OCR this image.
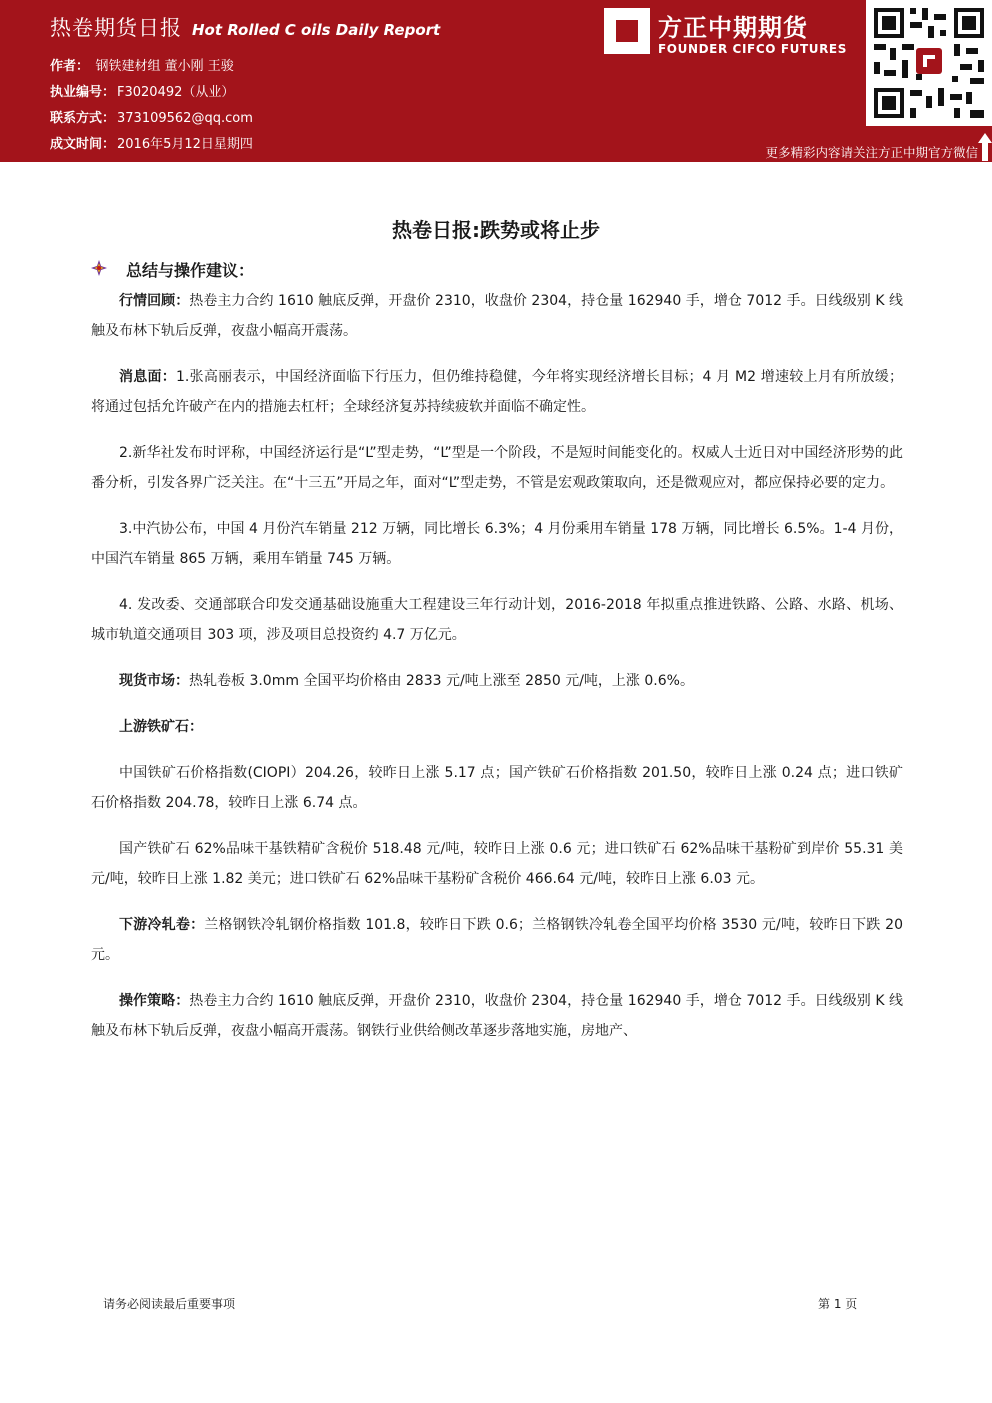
热卷期货日报 Hot Rolled C oils Daily Report
作者： 钢铁建材组 董小刚 王骏
执业编号： F3020492（从业）
联系方式： 373109562@qq.com
成文时间： 2016年5月12日星期四
方正中期期货
FOUNDER CIFCO FUTURES
更多精彩内容请关注方正中期官方微信
热卷日报:跌势或将止步
总结与操作建议：

行情回顾：热卷主力合约 1610 触底反弹，开盘价 2310，收盘价 2304，持仓量 162940 手，增仓 7012 手。日线级别 K 线触及布林下轨后反弹，夜盘小幅高开震荡。

消息面：1.张高丽表示，中国经济面临下行压力，但仍维持稳健，今年将实现经济增长目标；4 月 M2 增速较上月有所放缓；将通过包括允许破产在内的措施去杠杆；全球经济复苏持续疲软并面临不确定性。

2.新华社发布时评称，中国经济运行是“L”型走势，“L”型是一个阶段，不是短时间能变化的。权威人士近日对中国经济形势的此番分析，引发各界广泛关注。在“十三五”开局之年，面对“L”型走势，不管是宏观政策取向，还是微观应对，都应保持必要的定力。

3.中汽协公布，中国 4 月份汽车销量 212 万辆，同比增长 6.3%；4 月份乘用车销量 178 万辆，同比增长 6.5%。1-4 月份，中国汽车销量 865 万辆，乘用车销量 745 万辆。

4. 发改委、交通部联合印发交通基础设施重大工程建设三年行动计划，2016-2018 年拟重点推进铁路、公路、水路、机场、城市轨道交通项目 303 项，涉及项目总投资约 4.7 万亿元。

现货市场：热轧卷板 3.0mm 全国平均价格由 2833 元/吨上涨至 2850 元/吨，上涨 0.6%。

上游铁矿石：

中国铁矿石价格指数(CIOPI）204.26，较昨日上涨 5.17 点；国产铁矿石价格指数 201.50，较昨日上涨 0.24 点；进口铁矿石价格指数 204.78，较昨日上涨 6.74 点。

国产铁矿石 62%品味干基铁精矿含税价 518.48 元/吨，较昨日上涨 0.6 元；进口铁矿石 62%品味干基粉矿到岸价 55.31 美元/吨，较昨日上涨 1.82 美元；进口铁矿石 62%品味干基粉矿含税价 466.64 元/吨，较昨日上涨 6.03 元。

下游冷轧卷：兰格钢铁冷轧钢价格指数 101.8，较昨日下跌 0.6；兰格钢铁冷轧卷全国平均价格 3530 元/吨，较昨日下跌 20 元。

操作策略：热卷主力合约 1610 触底反弹，开盘价 2310，收盘价 2304，持仓量 162940 手，增仓 7012 手。日线级别 K 线触及布林下轨后反弹，夜盘小幅高开震荡。钢铁行业供给侧改革逐步落地实施，房地产、

请务必阅读最后重要事项	第 1 页
